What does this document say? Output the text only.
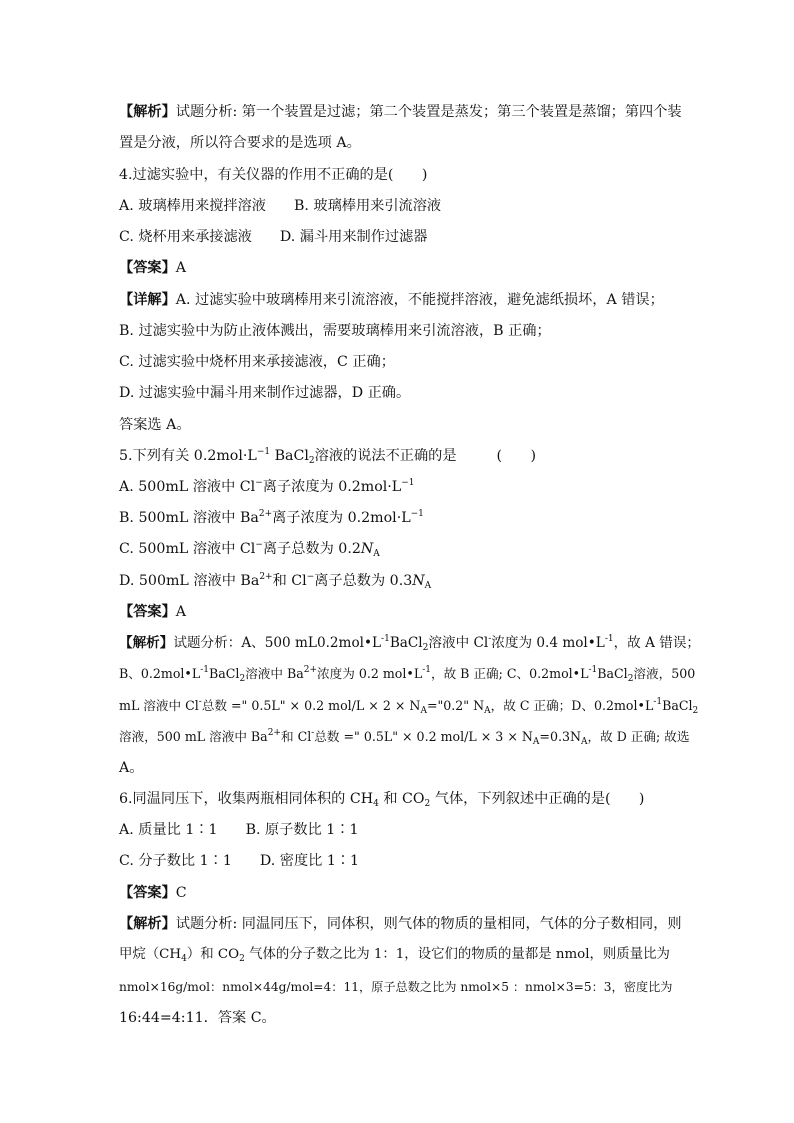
【解析】试题分析: 第一个装置是过滤；第二个装置是蒸发；第三个装置是蒸馏；第四个装
置是分液，所以符合要求的是选项 A。
4.过滤实验中，有关仪器的作用不正确的是(　　)
A. 玻璃棒用来搅拌溶液 B. 玻璃棒用来引流溶液
C. 烧杯用来承接滤液 D. 漏斗用来制作过滤器
【答案】A
【详解】A. 过滤实验中玻璃棒用来引流溶液，不能搅拌溶液，避免滤纸损坏，A 错误；
B. 过滤实验中为防止液体溅出，需要玻璃棒用来引流溶液，B 正确；
C. 过滤实验中烧杯用来承接滤液，C 正确；
D. 过滤实验中漏斗用来制作过滤器，D 正确。
答案选 A。
5.下列有关 $0.2mol\cdot L^{-1}$ BaCl$_2$溶液的说法不正确的是	(　　)
A. 500mL 溶液中 Cl−离子浓度为 $0.2mol\cdot L^{-1}$
B. 500mL 溶液中 $Ba^{2+}$离子浓度为 $0.2mol\cdot L^{-1}$
C. 500mL 溶液中 Cl−离子总数为 $0.2N_A$
D. 500mL 溶液中 $Ba^{2+}$和 Cl−离子总数为 $0.3N_A$
【答案】A
【解析】试题分析：A、500 $mL0.2mol•L^{-1}BaCl_2$溶液中 Cl-浓度为 0.4 $mol•L^{-1}$，故 A 错误；
B、$0.2mol•L^{-1}BaCl_2$溶液中 $Ba^{2+}$浓度为 0.2 $mol•L^{-1}$，故 B 正确; C、$0.2mol•L^{-1}BaCl_2$溶液，500
mL 溶液中 Cl-总数 =" 0.5L" × 0.2 $mol/L \times 2 \times N_A="0.2$" $N_A$，故 C 正确；D、$0.2mol•L^{-1}BaCl_2$
溶液，500 mL 溶液中 $Ba^{2+}$和 Cl-总数 =" 0.5L" × 0.2 $mol/L \times 3 \times N_A=0.3N_A$，故 D 正确; 故选
A。
6.同温同压下，收集两瓶相同体积的 $CH_4$ 和 $CO_2$ 气体，下列叙述中正确的是(　　)
A. 质量比 1∶1 B. 原子数比 1∶1
C. 分子数比 1∶1 D. 密度比 1∶1
【答案】C
【解析】试题分析: 同温同压下，同体积，则气体的物质的量相同，气体的分子数相同，则
甲烷$(CH_4)$和 $CO_2$ 气体的分子数之比为 1：1，设它们的物质的量都是 nmol，则质量比为
nmol×16g/mol：nmol×44g/mol=4：11，原子总数之比为 nmol×5 ：nmol×3=5：3，密度比为
16:44=4:11．答案 C。
